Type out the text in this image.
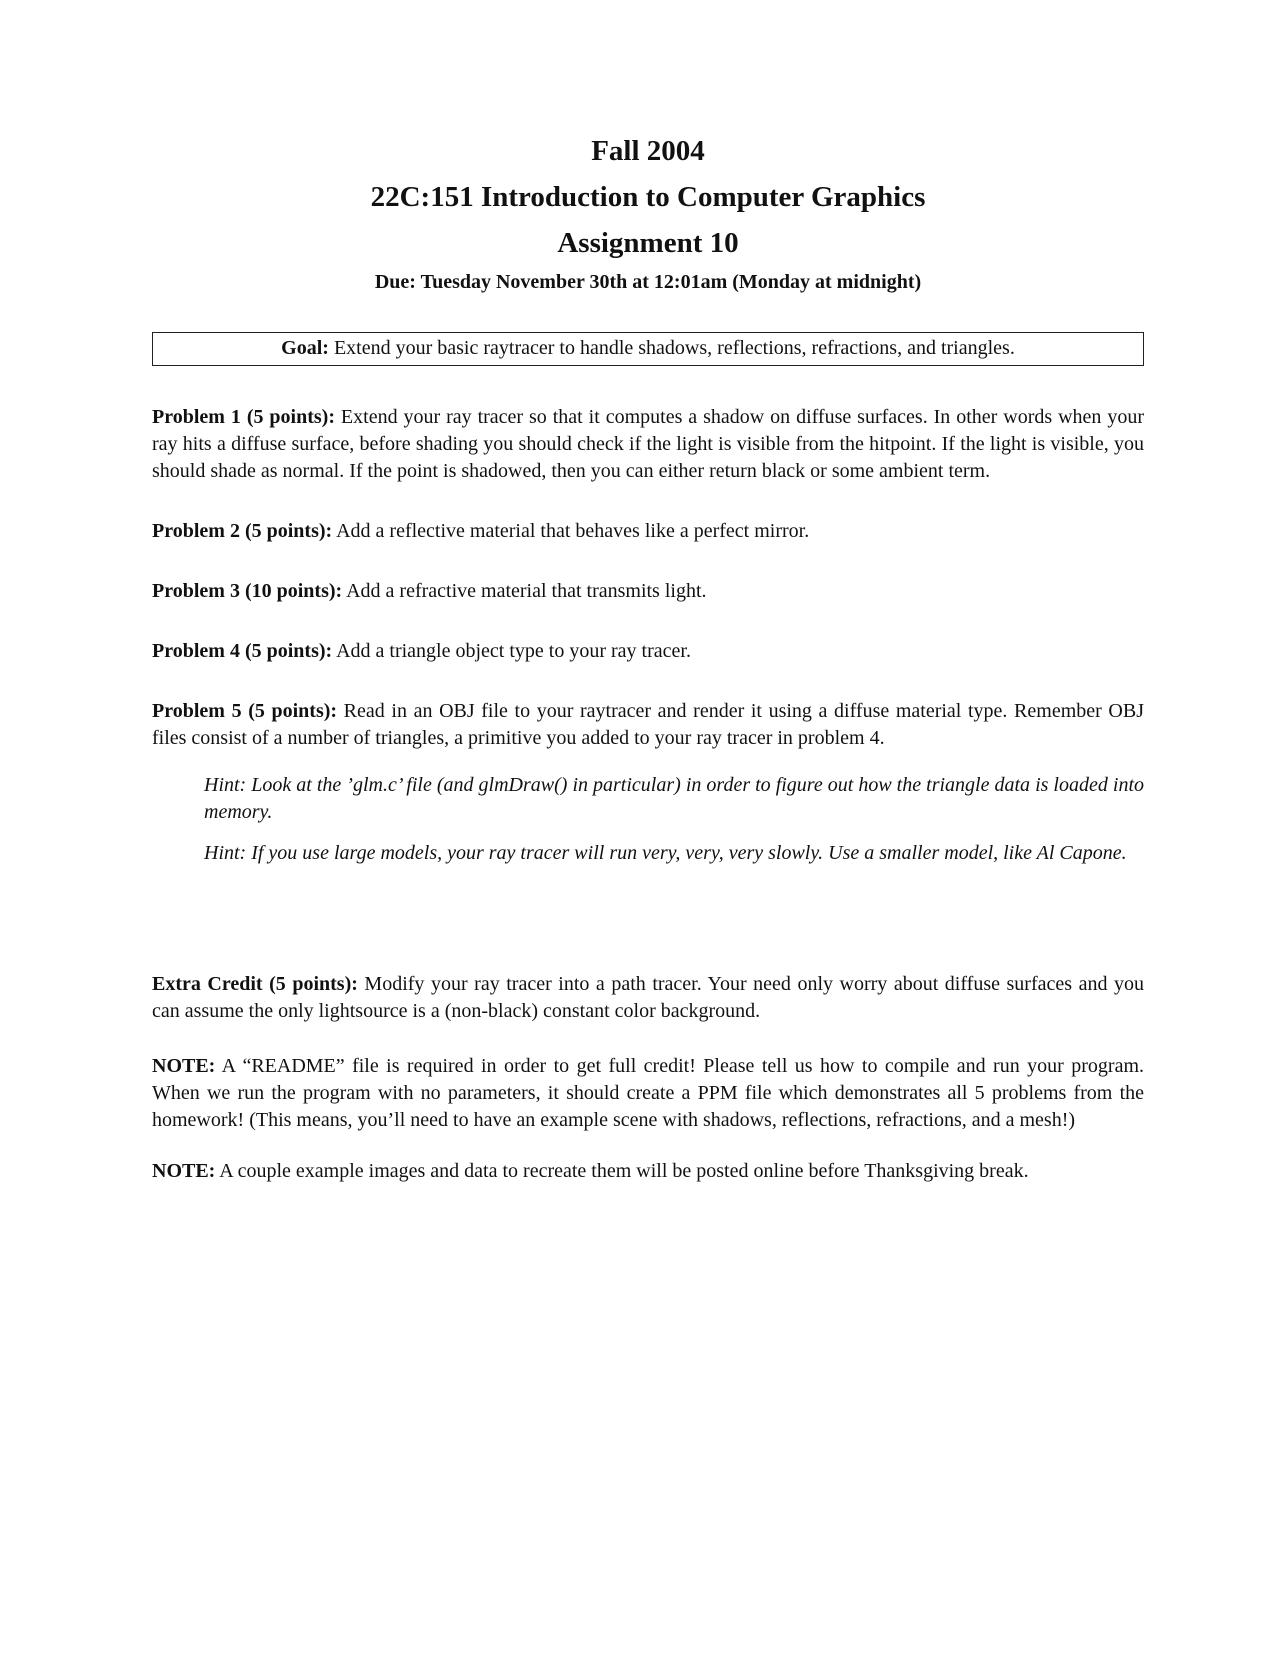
Fall 2004
22C:151 Introduction to Computer Graphics
Assignment 10

Due: Tuesday November 30th at 12:01am (Monday at midnight)

Goal: Extend your basic raytracer to handle shadows, reflections, refractions, and triangles.

Problem 1 (5 points): Extend your ray tracer so that it computes a shadow on diffuse surfaces. In other words when your ray hits a diffuse surface, before shading you should check if the light is visible from the hitpoint. If the light is visible, you should shade as normal. If the point is shadowed, then you can either return black or some ambient term.

Problem 2 (5 points): Add a reflective material that behaves like a perfect mirror.

Problem 3 (10 points): Add a refractive material that transmits light.

Problem 4 (5 points): Add a triangle object type to your ray tracer.

Problem 5 (5 points): Read in an OBJ file to your raytracer and render it using a diffuse material type. Remember OBJ files consist of a number of triangles, a primitive you added to your ray tracer in problem 4.

Hint: Look at the ’glm.c’ file (and glmDraw() in particular) in order to figure out how the triangle data is loaded into memory.

Hint: If you use large models, your ray tracer will run very, very, very slowly. Use a smaller model, like Al Capone.

Extra Credit (5 points): Modify your ray tracer into a path tracer. Your need only worry about diffuse surfaces and you can assume the only lightsource is a (non-black) constant color background.

NOTE: A “README” file is required in order to get full credit! Please tell us how to compile and run your program. When we run the program with no parameters, it should create a PPM file which demonstrates all 5 problems from the homework! (This means, you’ll need to have an example scene with shadows, reflections, refractions, and a mesh!)

NOTE: A couple example images and data to recreate them will be posted online before Thanksgiving break.
